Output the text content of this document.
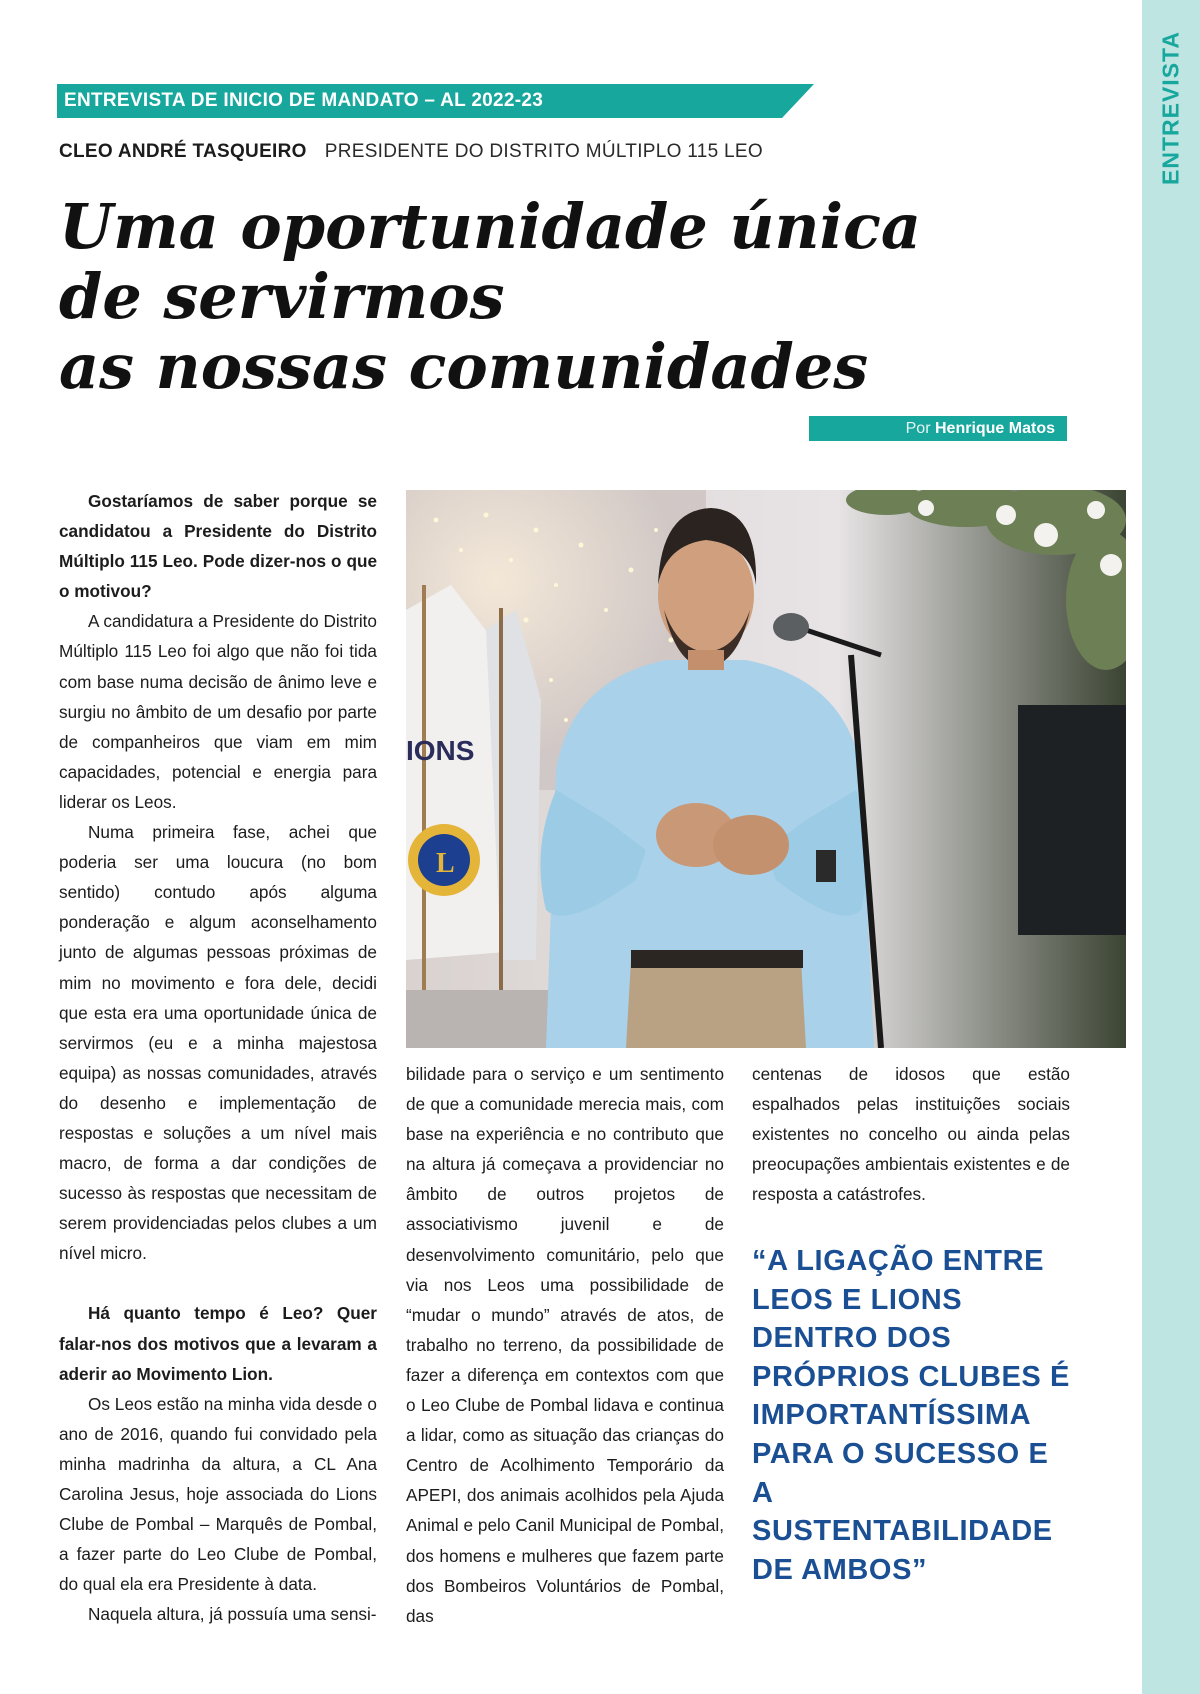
ENTREVISTA
ENTREVISTA DE INICIO DE MANDATO – AL 2022-23
CLEO ANDRÉ TASQUEIRO PRESIDENTE DO DISTRITO MÚLTIPLO 115 LEO
Uma oportunidade única
de servirmos
as nossas comunidades
Por Henrique Matos

Gostaríamos de saber porque se candidatou a Presidente do Distrito Múltiplo 115 Leo. Pode dizer-nos o que o motivou?

A candidatura a Presidente do Distrito Múltiplo 115 Leo foi algo que não foi tida com base numa decisão de ânimo leve e surgiu no âmbito de um desafio por parte de companheiros que viam em mim capacidades, potencial e energia para liderar os Leos.

Numa primeira fase, achei que poderia ser uma loucura (no bom sentido) contudo após alguma ponderação e algum aconselhamento junto de algumas pessoas próximas de mim no movimento e fora dele, decidi que esta era uma oportunidade única de servirmos (eu e a minha majestosa equipa) as nossas comunidades, através do desenho e implementação de respostas e soluções a um nível mais macro, de forma a dar condições de sucesso às respostas que necessitam de serem providenciadas pelos clubes a um nível micro.

Há quanto tempo é Leo? Quer falar-nos dos motivos que a levaram a aderir ao Movimento Lion.

Os Leos estão na minha vida desde o ano de 2016, quando fui convidado pela minha madrinha da altura, a CL Ana Carolina Jesus, hoje associada do Lions Clube de Pombal – Marquês de Pombal, a fazer parte do Leo Clube de Pombal, do qual ela era Presidente à data.

Naquela altura, já possuía uma sensi-

IONS
L

bilidade para o serviço e um sentimento de que a comunidade merecia mais, com base na experiência e no contributo que na altura já começava a providenciar no âmbito de outros projetos de associativismo juvenil e de desenvolvimento comunitário, pelo que via nos Leos uma possibilidade de “mudar o mundo” através de atos, de trabalho no terreno, da possibilidade de fazer a diferença em contextos com que o Leo Clube de Pombal lidava e continua a lidar, como as situação das crianças do Centro de Acolhimento Temporário da APEPI, dos animais acolhidos pela Ajuda Animal e pelo Canil Municipal de Pombal, dos homens e mulheres que fazem parte dos Bombeiros Voluntários de Pombal, das

centenas de idosos que estão espalhados pelas instituições sociais existentes no concelho ou ainda pelas preocupações ambientais existentes e de resposta a catástrofes.

“A LIGAÇÃO ENTRE LEOS E LIONS DENTRO DOS PRÓPRIOS CLUBES É IMPORTANTÍSSIMA PARA O SUCESSO E A SUSTENTABILIDADE DE AMBOS”
